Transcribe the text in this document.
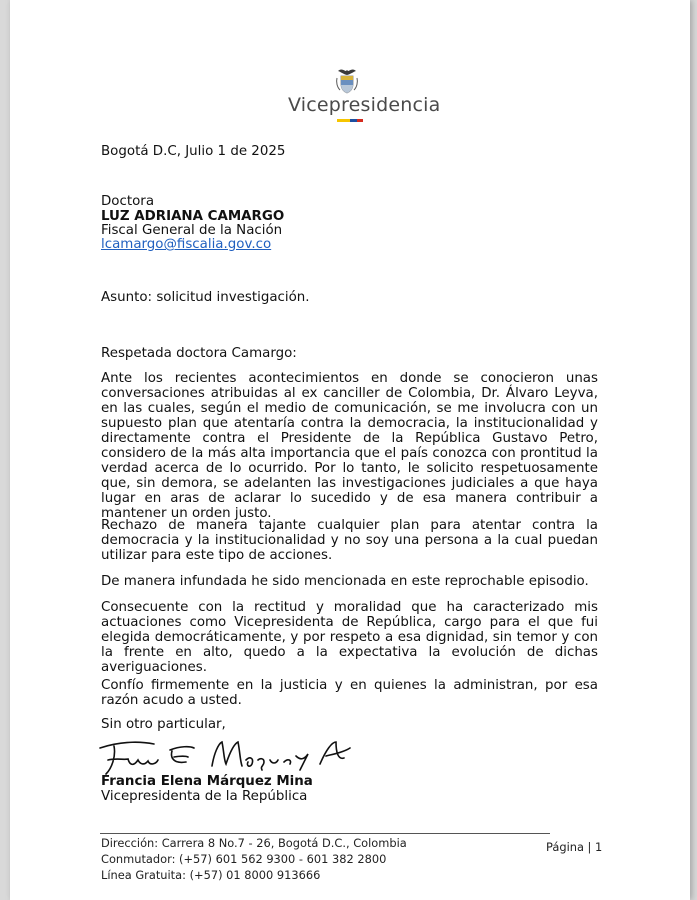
Vicepresidencia
Bogotá D.C, Julio 1 de 2025
Doctora
LUZ ADRIANA CAMARGO
Fiscal General de la Nación
lcamargo@fiscalia.gov.co
Asunto: solicitud investigación.
Respetada doctora Camargo:
Ante los recientes acontecimientos en donde se conocieron unas conversaciones atribuidas al ex canciller de Colombia, Dr. Álvaro Leyva, en las cuales, según el medio de comunicación, se me involucra con un supuesto plan que atentaría contra la democracia, la institucionalidad y directamente contra el Presidente de la República Gustavo Petro, considero de la más alta importancia que el país conozca con prontitud la verdad acerca de lo ocurrido. Por lo tanto, le solicito respetuosamente que, sin demora, se adelanten las investigaciones judiciales a que haya lugar en aras de aclarar lo sucedido y de esa manera contribuir a mantener un orden justo.
Rechazo de manera tajante cualquier plan para atentar contra la democracia y la institucionalidad y no soy una persona a la cual puedan utilizar para este tipo de acciones.
De manera infundada he sido mencionada en este reprochable episodio.
Consecuente con la rectitud y moralidad que ha caracterizado mis actuaciones como Vicepresidenta de República, cargo para el que fui elegida democráticamente, y por respeto a esa dignidad, sin temor y con la frente en alto, quedo a la expectativa la evolución de dichas averiguaciones.
Confío firmemente en la justicia y en quienes la administran, por esa razón acudo a usted.
Sin otro particular,
Francia Elena Márquez Mina
Vicepresidenta de la República
Dirección: Carrera 8 No.7 - 26, Bogotá D.C., Colombia
Conmutador: (+57) 601 562 9300 - 601 382 2800
Línea Gratuita: (+57) 01 8000 913666
Página | 1
